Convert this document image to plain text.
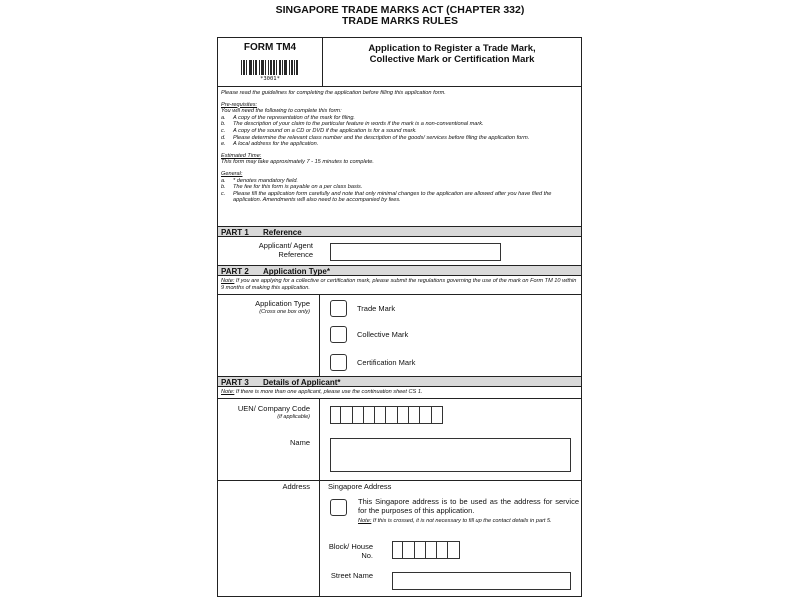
SINGAPORE TRADE MARKS ACT (CHAPTER 332)
TRADE MARKS RULES
FORM TM4
*3001*
Application to Register a Trade Mark,
Collective Mark or Certification Mark
Please read the guidelines for completing the application before filling this application form.
Pre-requisites:
You will need the following to complete this form:
a.	A copy of the representation of the mark for filing.
b.	The description of your claim to the particular feature in words if the mark is a non-conventional mark.
c.	A copy of the sound on a CD or DVD if the application is for a sound mark.
d.	Please determine the relevant class number and the description of the goods/ services before filing the application form.
e.	A local address for the application.
Estimated Time:
This form may take approximately 7 - 15 minutes to complete.
General:
a.	* denotes mandatory field.
b.	The fee for this form is payable on a per class basis.
c.	Please fill the application form carefully and note that only minimal changes to the application are allowed after you have filed the application. Amendments will also need to be accompanied by fees.
PART 1 Reference
Applicant/ Agent
Reference
PART 2 Application Type*
Note: If you are applying for a collective or certification mark, please submit the regulations governing the use of the mark on Form TM 10 within 9 months of making this application.
Application Type
(Cross one box only)	Trade Mark
Collective Mark
Certification Mark
PART 3 Details of Applicant*
Note: If there is more than one applicant, please use the continuation sheet CS 1.
UEN/ Company Code
(if applicable)
Name
Address Singapore Address
This Singapore address is to be used as the address for service for the purposes of this application.
Note: If this is crossed, it is not necessary to fill up the contact details in part 5.
Block/ House
No.
Street Name
